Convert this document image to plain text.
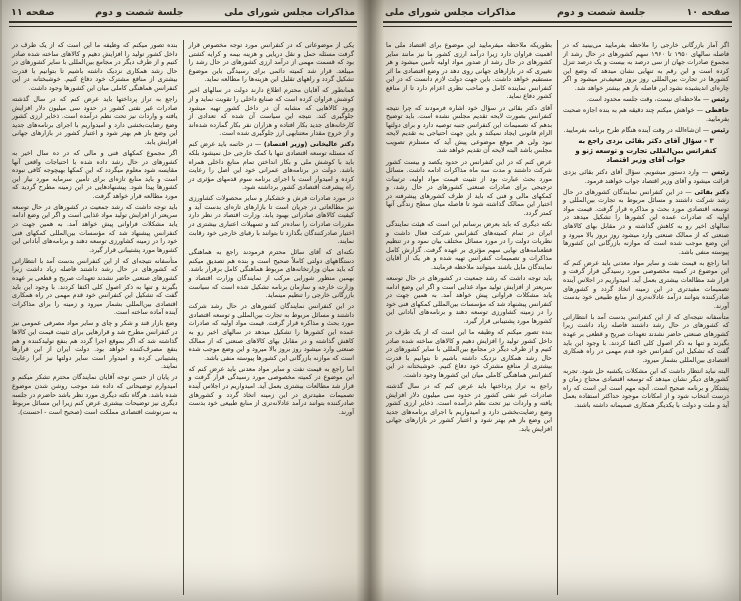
مذاکرات مجلس شورای ملی
جلسة شصت و دوم
صفحه ۱۱

یکی از موضوعاتی که در کنفرانس مورد توجه مخصوص قرار گرفت مسئله حمل و نقل دریایی و هزینه بیمه و کرایه کشتی بود که قسمت مهمی از درآمد ارزی کشورهای در حال رشد را میبلعد. قرار شد کمیته دائمی برای رسیدگی باین موضوع تشکیل گردد و راههای تقلیل این هزینه‌ها را مطالعه نماید.

همانطور که آقایان محترم اطلاع دارند دولت در سالهای اخیر کوشش فراوان کرده است که صنایع داخلی را تقویت نماید و از ورود کالاهایی که مشابه آن در داخل کشور تهیه میشود جلوگیری کند. نتیجه این سیاست آن شده که تعدادی از کارخانه‌های جدید بکار افتاده و هزاران نفر بکار گمارده شده‌اند و از خروج مقدار معتنابهی ارز جلوگیری شده است.

دکتر عالیخانی (وزیر اقتصاد) — در خاتمه باید عرض کنم که مسئله توسعه اقتصادی تنها با کمک خارجی حل نمیشود بلکه باید با کوشش ملی و بکار انداختن تمام منابع داخلی همراه باشد. دولت در برنامه‌های عمرانی خود این اصل را رعایت کرده و امیدوار است با اجرای برنامه سوم قدمهای مؤثری در راه پیشرفت اقتصادی کشور برداشته شود.

در مورد صادرات فرش و خشکبار و سایر محصولات کشاورزی نیز مطالعاتی در جریان است تا بازارهای تازه‌ای بدست آید و کیفیت کالاهای صادراتی بهبود یابد. وزارت اقتصاد در نظر دارد مقررات صادرات را ساده‌تر کند و تسهیلات اعتباری بیشتری در اختیار صادرکنندگان بگذارد تا بتوانند با رقبای خارجی خود رقابت نمایند.

نکته‌ای که آقای سائل محترم فرمودند راجع به هماهنگی دستگاههای دولتی کاملاً صحیح است و بنده هم تصدیق میکنم که باید میان وزارتخانه‌های مربوط هماهنگی کامل برقرار باشد. بهمین منظور شورایی مرکب از نمایندگان وزارت اقتصاد و وزارت خارجه و سازمان برنامه تشکیل شده است که سیاست بازرگانی خارجی را تنظیم مینماید.

در این کنفرانس نمایندگان کشورهای در حال رشد شرکت داشتند و مسائل مربوط به تجارت بین‌المللی و توسعه اقتصادی مورد بحث و مذاکره قرار گرفت. قیمت مواد اولیه که صادرات عمده این کشورها را تشکیل میدهد در سالهای اخیر رو به کاهش گذاشته و در مقابل بهای کالاهای صنعتی که از ممالک صنعتی وارد میشود روز بروز بالا میرود و این وضع موجب شده است که موازنه بازرگانی این کشورها پیوسته منفی باشد.

اما راجع به قیمت نفت و سایر مواد معدنی باید عرض کنم که این موضوع در کمیته مخصوصی مورد رسیدگی قرار گرفت و قرار شد مطالعات بیشتری بعمل آید. امیدواریم در اجلاس آینده تصمیمات مفیدتری در این زمینه اتخاذ گردد و کشورهای صادرکننده بتوانند درآمد عادلانه‌تری از منابع طبیعی خود بدست آورند.

بنده تصور میکنم که وظیفه ما این است که از یک طرف در داخل کشور تولید را افزایش دهیم و کالاهای ساخته شده صادر کنیم و از طرف دیگر در مجامع بین‌المللی با سایر کشورهای در حال رشد همکاری نزدیک داشته باشیم تا بتوانیم با قدرت بیشتری از منافع مشترک خود دفاع کنیم. خوشبختانه در این کنفرانس هماهنگی کاملی میان این کشورها وجود داشت.

راجع به تراز پرداختها باید عرض کنم که در سال گذشته صادرات غیر نفتی کشور در حدود سی میلیون دلار افزایش یافته و واردات نیز تحت نظم درآمده است. ذخایر ارزی کشور وضع رضایت‌بخشی دارد و امیدواریم با اجرای برنامه‌های جدید این وضع باز هم بهتر شود و اعتبار کشور در بازارهای جهانی افزایش یابد.

اگر مجموع کمکهای فنی و مالی که در ده سال اخیر به کشورهای در حال رشد داده شده با احتیاجات واقعی آنها مقایسه شود معلوم میگردد که این کمکها بهیچوجه کافی نبوده است و باید منابع تازه‌ای برای تأمین سرمایه مورد نیاز این کشورها پیدا شود. پیشنهادهایی در این زمینه مطرح گردید که مورد مطالعه قرار خواهد گرفت.

باید توجه داشت که رشد جمعیت در کشورهای در حال توسعه سریعتر از افزایش تولید مواد غذایی است و اگر این وضع ادامه یابد مشکلات فراوانی پیش خواهد آمد. به همین جهت در کنفرانس پیشنهاد شد که مؤسسات بین‌المللی کمکهای فنی خود را در زمینه کشاورزی توسعه دهند و برنامه‌های آبادانی این کشورها مورد پشتیبانی قرار گیرد.

متأسفانه نتیجه‌ای که از این کنفرانس بدست آمد با انتظاراتی که کشورهای در حال رشد داشتند فاصله زیاد داشت زیرا کشورهای صنعتی حاضر نشدند تعهدات صریح و قطعی بر عهده بگیرند و تنها به ذکر اصول کلی اکتفا کردند. با وجود این باید گفت که تشکیل این کنفرانس خود قدم مهمی در راه همکاری اقتصادی بین‌المللی بشمار میرود و زمینه را برای مذاکرات آینده آماده ساخته است.

وضع بازار قند و شکر و چای و سایر مواد مصرفی عمومی نیز در کنفرانس مطرح شد و قرارهایی برای تثبیت قیمت این کالاها گذاشته شد که اگر بموقع اجرا گردد هم بنفع تولیدکننده و هم بنفع مصرف‌کننده خواهد بود. دولت ایران از این قرارها پشتیبانی کرده و امیدوار است سایر دولتها نیز آنرا رعایت نمایند.

در پایان از حسن توجه آقایان نمایندگان محترم تشکر میکنم و امیدوارم توضیحاتی که داده شد موجب روشن شدن موضوع شده باشد. هرگاه نکته دیگری مورد نظر باشد حاضرم در جلسه دیگری نیز توضیحات بیشتری عرض کنم زیرا این مسائل مربوط به سرنوشت اقتصادی مملکت است (صحیح است - احسنت).

صفحه ۱۰
جلسة شصت و دوم
مذاکرات مجلس شورای ملی

اگر آمار بازرگانی خارجی را ملاحظه بفرمایید می‌بینید که در فاصله سالهای ۱۹۵۰ تا ۱۹۶۰ سهم کشورهای در حال رشد از مجموع صادرات جهان از سی درصد به بیست و یک درصد تنزل کرده است و این رقم به تنهایی نشان میدهد که وضع این کشورها در تجارت بین‌المللی روز بروز ضعیف‌تر میشود و اگر چاره‌ای اندیشیده نشود این فاصله باز هم بیشتر خواهد شد.

رئیس — ملاحظه‌ای نیست، وقت جلسه محدود است.

حافظی — خواهش میکنم چند دقیقه هم به بنده اجازه صحبت بفرمایید.

رئیس — ان‌شاءالله در وقت آینده هنگام طرح برنامه بفرمایید.

۳ - سؤال آقای دکتر بقائی یزدی راجع به کنفرانس بین‌المللی تجارت و توسعه ژنو و جواب آقای وزیر اقتصاد

رئیس — وارد دستور میشویم. سؤال آقای دکتر بقائی یزدی قرائت میشود و آقای وزیر اقتصاد جواب خواهند فرمود.

دکتر بقائی — در این کنفرانس نمایندگان کشورهای در حال رشد شرکت داشتند و مسائل مربوط به تجارت بین‌المللی و توسعه اقتصادی مورد بحث و مذاکره قرار گرفت. قیمت مواد اولیه که صادرات عمده این کشورها را تشکیل میدهد در سالهای اخیر رو به کاهش گذاشته و در مقابل بهای کالاهای صنعتی که از ممالک صنعتی وارد میشود روز بروز بالا میرود و این وضع موجب شده است که موازنه بازرگانی این کشورها پیوسته منفی باشد.

اما راجع به قیمت نفت و سایر مواد معدنی باید عرض کنم که این موضوع در کمیته مخصوصی مورد رسیدگی قرار گرفت و قرار شد مطالعات بیشتری بعمل آید. امیدواریم در اجلاس آینده تصمیمات مفیدتری در این زمینه اتخاذ گردد و کشورهای صادرکننده بتوانند درآمد عادلانه‌تری از منابع طبیعی خود بدست آورند.

متأسفانه نتیجه‌ای که از این کنفرانس بدست آمد با انتظاراتی که کشورهای در حال رشد داشتند فاصله زیاد داشت زیرا کشورهای صنعتی حاضر نشدند تعهدات صریح و قطعی بر عهده بگیرند و تنها به ذکر اصول کلی اکتفا کردند. با وجود این باید گفت که تشکیل این کنفرانس خود قدم مهمی در راه همکاری اقتصادی بین‌المللی بشمار میرود.

البته نباید انتظار داشت که این مشکلات یکشبه حل شود. تجربه کشورهای دیگر نشان میدهد که توسعه اقتصادی محتاج زمان و پشتکار و برنامه صحیح است. آنچه مهم است این است که راه درست انتخاب شود و از امکانات موجود حداکثر استفاده بعمل آید و ملت و دولت با یکدیگر همکاری صمیمانه داشته باشند.

بطوریکه ملاحظه میفرمایید این موضوع برای اقتصاد ملی ما اهمیت فراوان دارد زیرا درآمد ارزی کشور ما نیز مانند سایر کشورهای در حال رشد از صدور مواد اولیه تأمین میشود و هر تغییری که در بازارهای جهانی روی دهد در وضع اقتصادی ما اثر مستقیم خواهد داشت. باین جهت دولت لازم دانست که در این کنفرانس نماینده کامل و صاحب نظری اعزام دارد تا از منافع کشور دفاع نماید.

آقای دکتر بقائی در سؤال خود اشاره فرمودند که چرا نتیجه کنفرانس بصورت لایحه تقدیم مجلس نشده است. باید توضیح بدهم که تصمیمات این کنفرانس جنبه توصیه دارد و برای دولتها الزام قانونی ایجاد نمیکند و باین جهت احتیاجی به تقدیم لایحه نبود ولی هر موقع موضوعی پیش آید که مستلزم تصویب مجلس باشد البته لایحه آن تقدیم خواهد شد.

عرض کنم که در این کنفرانس در حدود یکصد و بیست کشور شرکت داشتند و مدت سه ماه مذاکرات ادامه داشت. مسائل مورد بحث عبارت بود از تثبیت قیمت مواد اولیه، ترتیبات ترجیحی برای صادرات صنعتی کشورهای در حال رشد، و کمکهای مالی و فنی که باید از طرف کشورهای پیشرفته در اختیار این ممالک گذاشته شود تا فاصله میان سطح زندگی آنها کمتر گردد.

نکته دیگری که باید بعرض برسانم این است که هیئت نمایندگی ایران در تمام کمیته‌های کنفرانس شرکت فعال داشت و نظریات دولت را در مورد مسائل مختلف بیان نمود و در تنظیم قطعنامه‌های نهایی سهم مؤثری بر عهده گرفت. گزارش کامل مذاکرات و تصمیمات کنفرانس تهیه شده و هر یک از آقایان نمایندگان مایل باشند میتوانند ملاحظه فرمایند.

باید توجه داشت که رشد جمعیت در کشورهای در حال توسعه سریعتر از افزایش تولید مواد غذایی است و اگر این وضع ادامه یابد مشکلات فراوانی پیش خواهد آمد. به همین جهت در کنفرانس پیشنهاد شد که مؤسسات بین‌المللی کمکهای فنی خود را در زمینه کشاورزی توسعه دهند و برنامه‌های آبادانی این کشورها مورد پشتیبانی قرار گیرد.

بنده تصور میکنم که وظیفه ما این است که از یک طرف در داخل کشور تولید را افزایش دهیم و کالاهای ساخته شده صادر کنیم و از طرف دیگر در مجامع بین‌المللی با سایر کشورهای در حال رشد همکاری نزدیک داشته باشیم تا بتوانیم با قدرت بیشتری از منافع مشترک خود دفاع کنیم. خوشبختانه در این کنفرانس هماهنگی کاملی میان این کشورها وجود داشت.

راجع به تراز پرداختها باید عرض کنم که در سال گذشته صادرات غیر نفتی کشور در حدود سی میلیون دلار افزایش یافته و واردات نیز تحت نظم درآمده است. ذخایر ارزی کشور وضع رضایت‌بخشی دارد و امیدواریم با اجرای برنامه‌های جدید این وضع باز هم بهتر شود و اعتبار کشور در بازارهای جهانی افزایش یابد.
